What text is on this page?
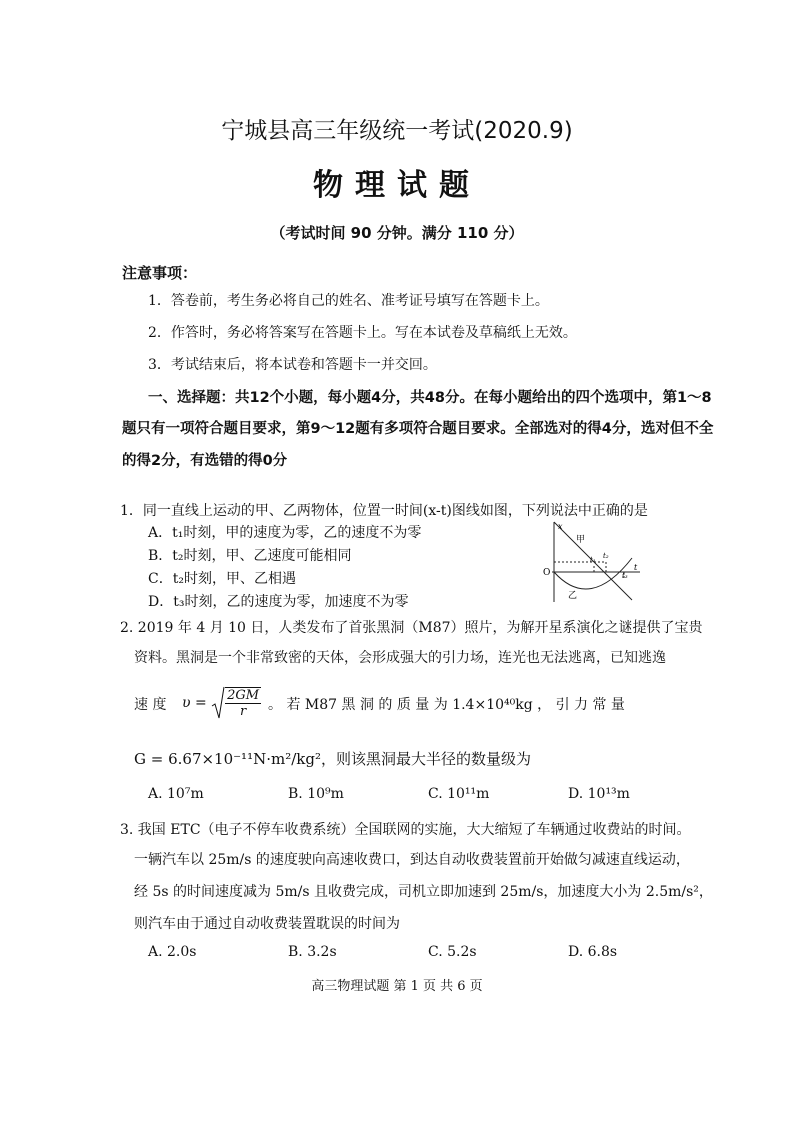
宁城县高三年级统一考试(2020.9)
物理试题
（考试时间 90 分钟。满分 110 分）
注意事项：
1．答卷前，考生务必将自己的姓名、准考证号填写在答题卡上。
2．作答时，务必将答案写在答题卡上。写在本试卷及草稿纸上无效。
3．考试结束后，将本试卷和答题卡一并交回。
一、选择题：共12个小题，每小题4分，共48分。在每小题给出的四个选项中，第1～8
题只有一项符合题目要求，第9～12题有多项符合题目要求。全部选对的得4分，选对但不全
的得2分，有选错的得0分
1．同一直线上运动的甲、乙两物体，位置一时间(x-t)图线如图，下列说法中正确的是
A．t₁时刻，甲的速度为零，乙的速度不为零
B．t₂时刻，甲、乙速度可能相同
C．t₂时刻，甲、乙相遇
D．t₃时刻，乙的速度为零，加速度不为零
x
t
O
甲
乙
t₁ t₂
t₃
2. 2019 年 4 月 10 日，人类发布了首张黑洞（M87）照片，为解开星系演化之谜提供了宝贵
资料。黑洞是一个非常致密的天体，会形成强大的引力场，连光也无法逃离，已知逃逸
速 度 $\upsilon = \frac{2GM}{r}$ 。 若 M87 黑 洞 的 质 量 为 1.4×10⁴⁰kg ， 引 力 常 量
G = 6.67×10⁻¹¹N·m²/kg²，则该黑洞最大半径的数量级为
A. 10⁷m	B. 10⁹m	C. 10¹¹m	D. 10¹³m
3. 我国 ETC（电子不停车收费系统）全国联网的实施，大大缩短了车辆通过收费站的时间。
一辆汽车以 25m/s 的速度驶向高速收费口，到达自动收费装置前开始做匀减速直线运动，
经 5s 的时间速度减为 5m/s 且收费完成，司机立即加速到 25m/s，加速度大小为 2.5m/s²，
则汽车由于通过自动收费装置耽误的时间为
A. 2.0s	B. 3.2s	C. 5.2s	D. 6.8s
高三物理试题 第 1 页 共 6 页
